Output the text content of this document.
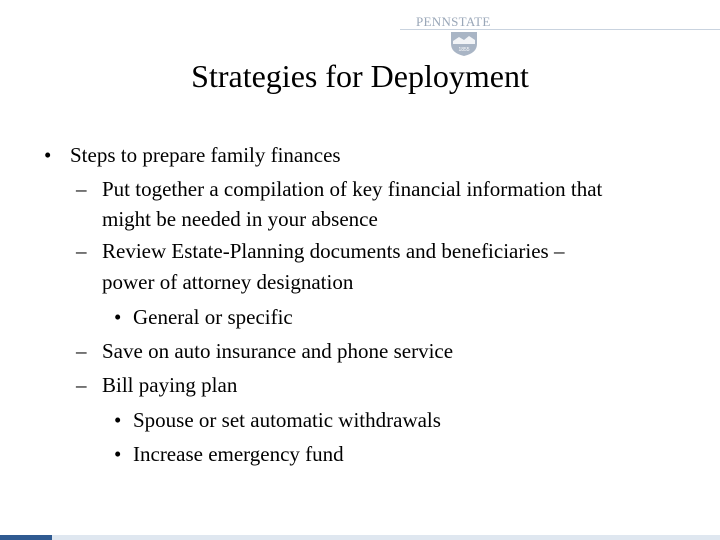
PENNSTATE
1855
Strategies for Deployment
• Steps to prepare family finances
– Put together a compilation of key financial information that
might be needed in your absence
– Review Estate-Planning documents and beneficiaries –
power of attorney designation
• General or specific
– Save on auto insurance and phone service
– Bill paying plan
• Spouse or set automatic withdrawals
• Increase emergency fund
